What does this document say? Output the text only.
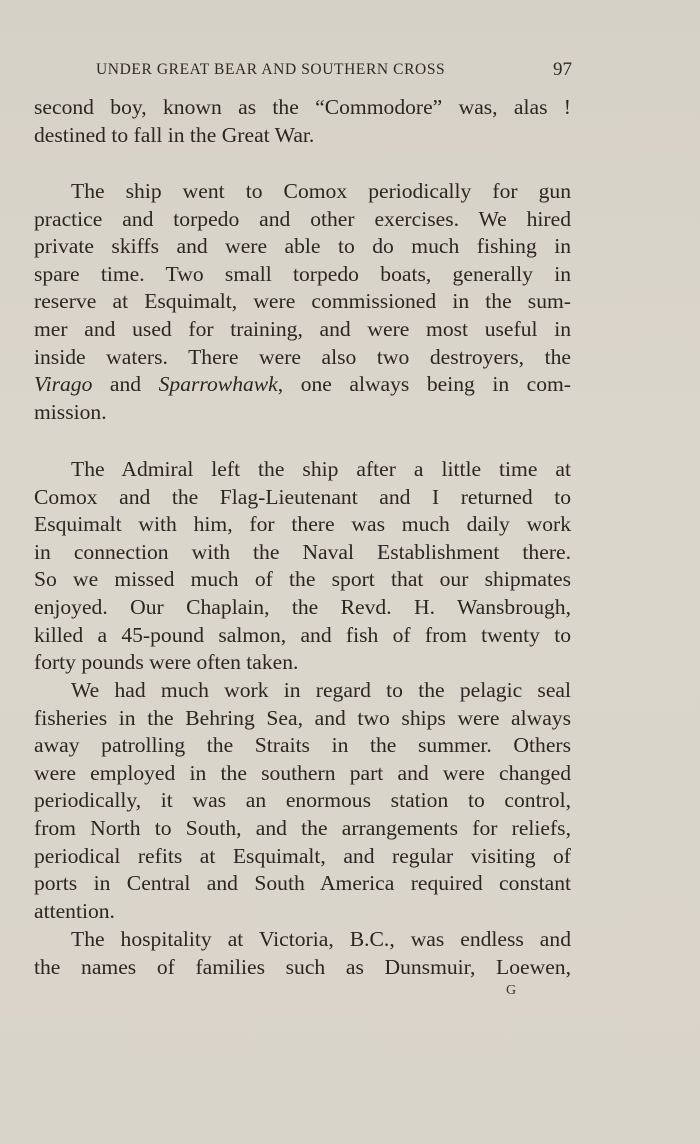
UNDER GREAT BEAR AND SOUTHERN CROSS	97
second boy, known as the “Commodore” was, alas !
destined to fall in the Great War.
The ship went to Comox periodically for gun
practice and torpedo and other exercises. We hired
private skiffs and were able to do much fishing in
spare time. Two small torpedo boats, generally in
reserve at Esquimalt, were commissioned in the sum-
mer and used for training, and were most useful in
inside waters. There were also two destroyers, the
Virago and Sparrowhawk, one always being in com-
mission.
The Admiral left the ship after a little time at
Comox and the Flag-Lieutenant and I returned to
Esquimalt with him, for there was much daily work
in connection with the Naval Establishment there.
So we missed much of the sport that our shipmates
enjoyed. Our Chaplain, the Revd. H. Wansbrough,
killed a 45-pound salmon, and fish of from twenty to
forty pounds were often taken.
We had much work in regard to the pelagic seal
fisheries in the Behring Sea, and two ships were always
away patrolling the Straits in the summer. Others
were employed in the southern part and were changed
periodically, it was an enormous station to control,
from North to South, and the arrangements for reliefs,
periodical refits at Esquimalt, and regular visiting of
ports in Central and South America required constant
attention.
The hospitality at Victoria, B.C., was endless and
the names of families such as Dunsmuir, Loewen,
G
